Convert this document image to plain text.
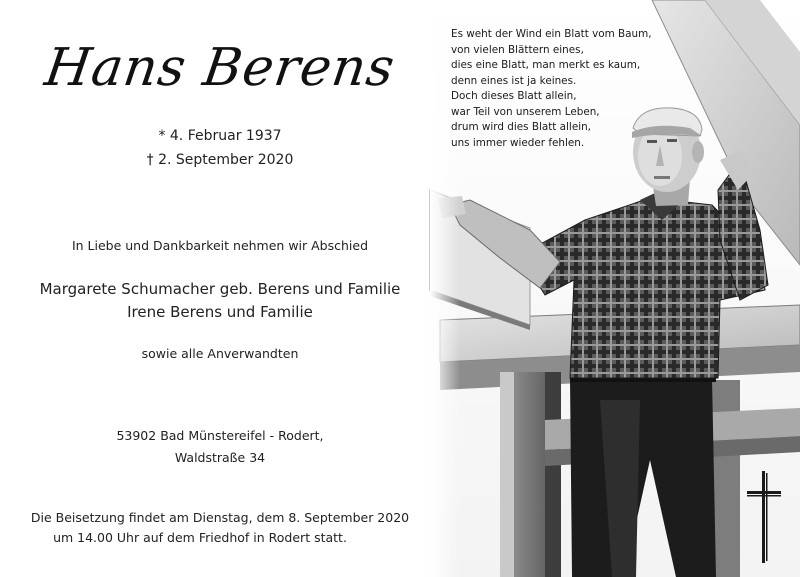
Es weht der Wind ein Blatt vom Baum,
von vielen Blättern eines,
dies eine Blatt, man merkt es kaum,
denn eines ist ja keines.
Doch dieses Blatt allein,
war Teil von unserem Leben,
drum wird dies Blatt allein,
uns immer wieder fehlen.
Hans Berens
* 4. Februar 1937
† 2. September 2020
In Liebe und Dankbarkeit nehmen wir Abschied
Margarete Schumacher geb. Berens und Familie
Irene Berens und Familie
sowie alle Anverwandten
53902 Bad Münstereifel - Rodert,
Waldstraße 34
Die Beisetzung findet am Dienstag, dem 8. September 2020
um 14.00 Uhr auf dem Friedhof in Rodert statt.
